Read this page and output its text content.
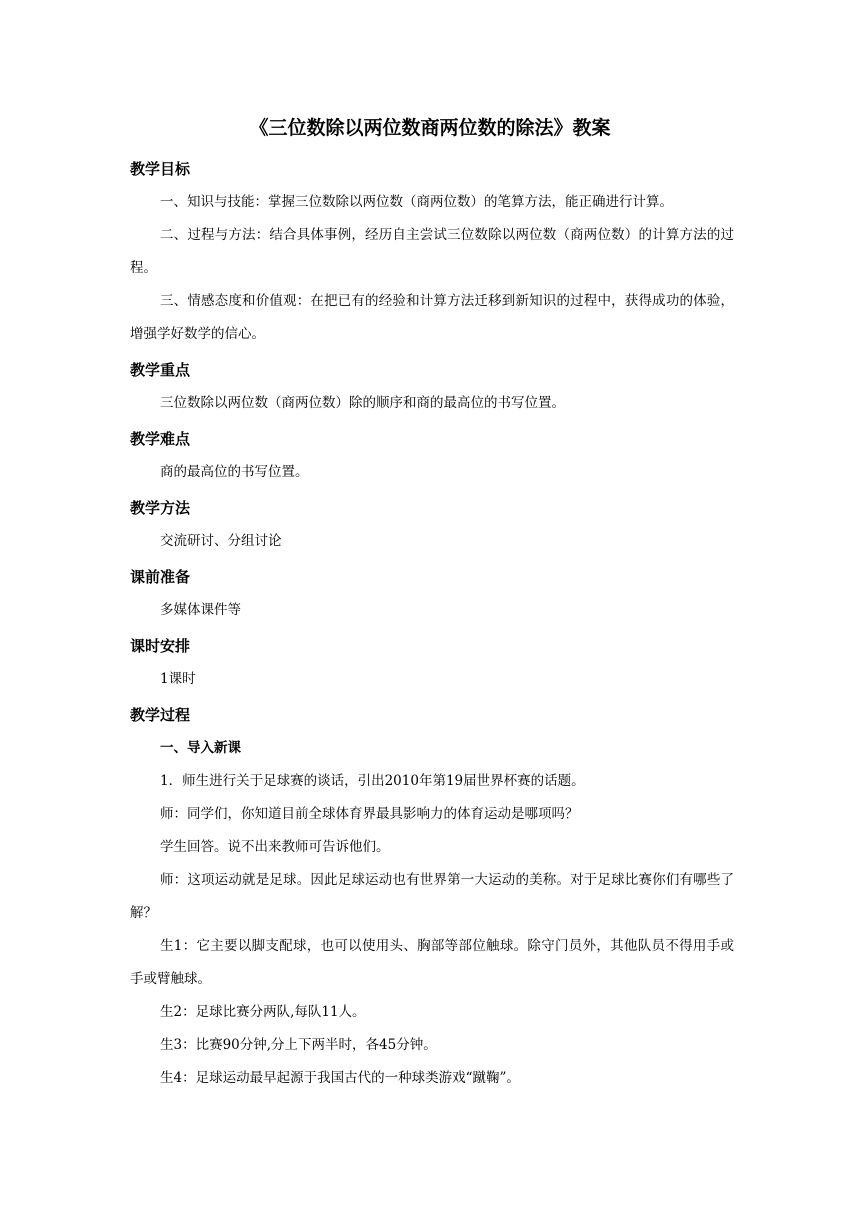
《三位数除以两位数商两位数的除法》教案
教学目标

一、知识与技能：掌握三位数除以两位数（商两位数）的笔算方法，能正确进行计算。

二、过程与方法：结合具体事例，经历自主尝试三位数除以两位数（商两位数）的计算方法的过程。

三、情感态度和价值观：在把已有的经验和计算方法迁移到新知识的过程中，获得成功的体验，增强学好数学的信心。

教学重点

三位数除以两位数（商两位数）除的顺序和商的最高位的书写位置。

教学难点

商的最高位的书写位置。

教学方法

交流研讨、分组讨论

课前准备

多媒体课件等

课时安排

1课时

教学过程

一、导入新课

1．师生进行关于足球赛的谈话，引出2010年第19届世界杯赛的话题。

师：同学们，你知道目前全球体育界最具影响力的体育运动是哪项吗？

学生回答。说不出来教师可告诉他们。

师：这项运动就是足球。因此足球运动也有世界第一大运动的美称。对于足球比赛你们有哪些了解？

生1：它主要以脚支配球，也可以使用头、胸部等部位触球。除守门员外，其他队员不得用手或手或臂触球。

生2：足球比赛分两队,每队11人。

生3：比赛90分钟,分上下两半时，各45分钟。

生4：足球运动最早起源于我国古代的一种球类游戏“蹴鞠”。
